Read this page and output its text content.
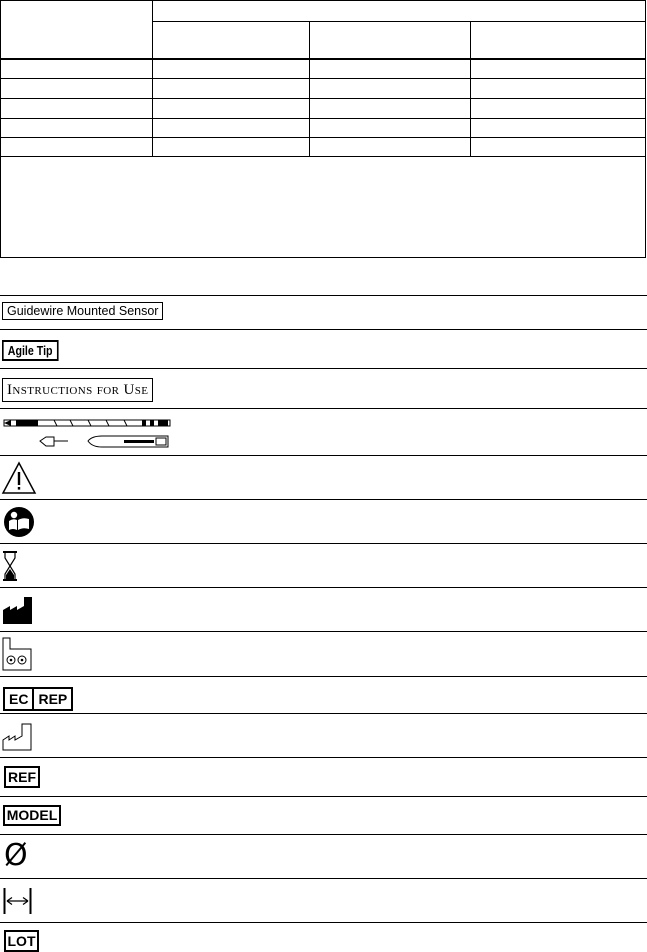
Guidewire Mounted Sensor
Agile Tip
Instructions for Use
EC REP
REF
MODEL
Ø
LOT
